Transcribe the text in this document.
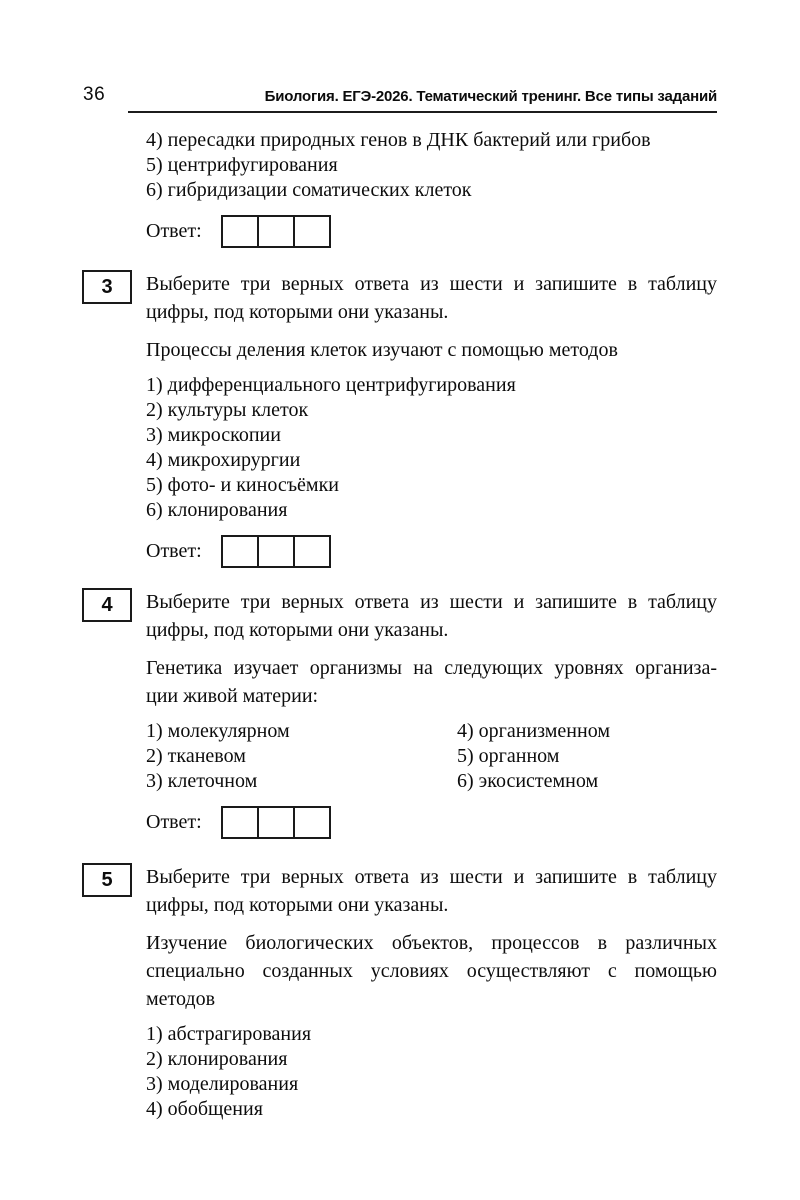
36	Биология. ЕГЭ-2026. Тематический тренинг. Все типы заданий
4) пересадки природных генов в ДНК бактерий или грибов
5) центрифугирования
6) гибридизации соматических клеток
Ответ:
3	Выберите три верных ответа из шести и запишите в таблицу
цифры, под которыми они указаны.
Процессы деления клеток изучают с помощью методов
1) дифференциального центрифугирования
2) культуры клеток
3) микроскопии
4) микрохирургии
5) фото- и киносъёмки
6) клонирования
Ответ:
4	Выберите три верных ответа из шести и запишите в таблицу
цифры, под которыми они указаны.
Генетика изучает организмы на следующих уровнях организа-
ции живой материи:
1) молекулярном
2) тканевом
3) клеточном
4) организменном
5) органном
6) экосистемном
Ответ:
5	Выберите три верных ответа из шести и запишите в таблицу
цифры, под которыми они указаны.
Изучение биологических объектов, процессов в различных
специально созданных условиях осуществляют с помощью
методов
1) абстрагирования
2) клонирования
3) моделирования
4) обобщения
